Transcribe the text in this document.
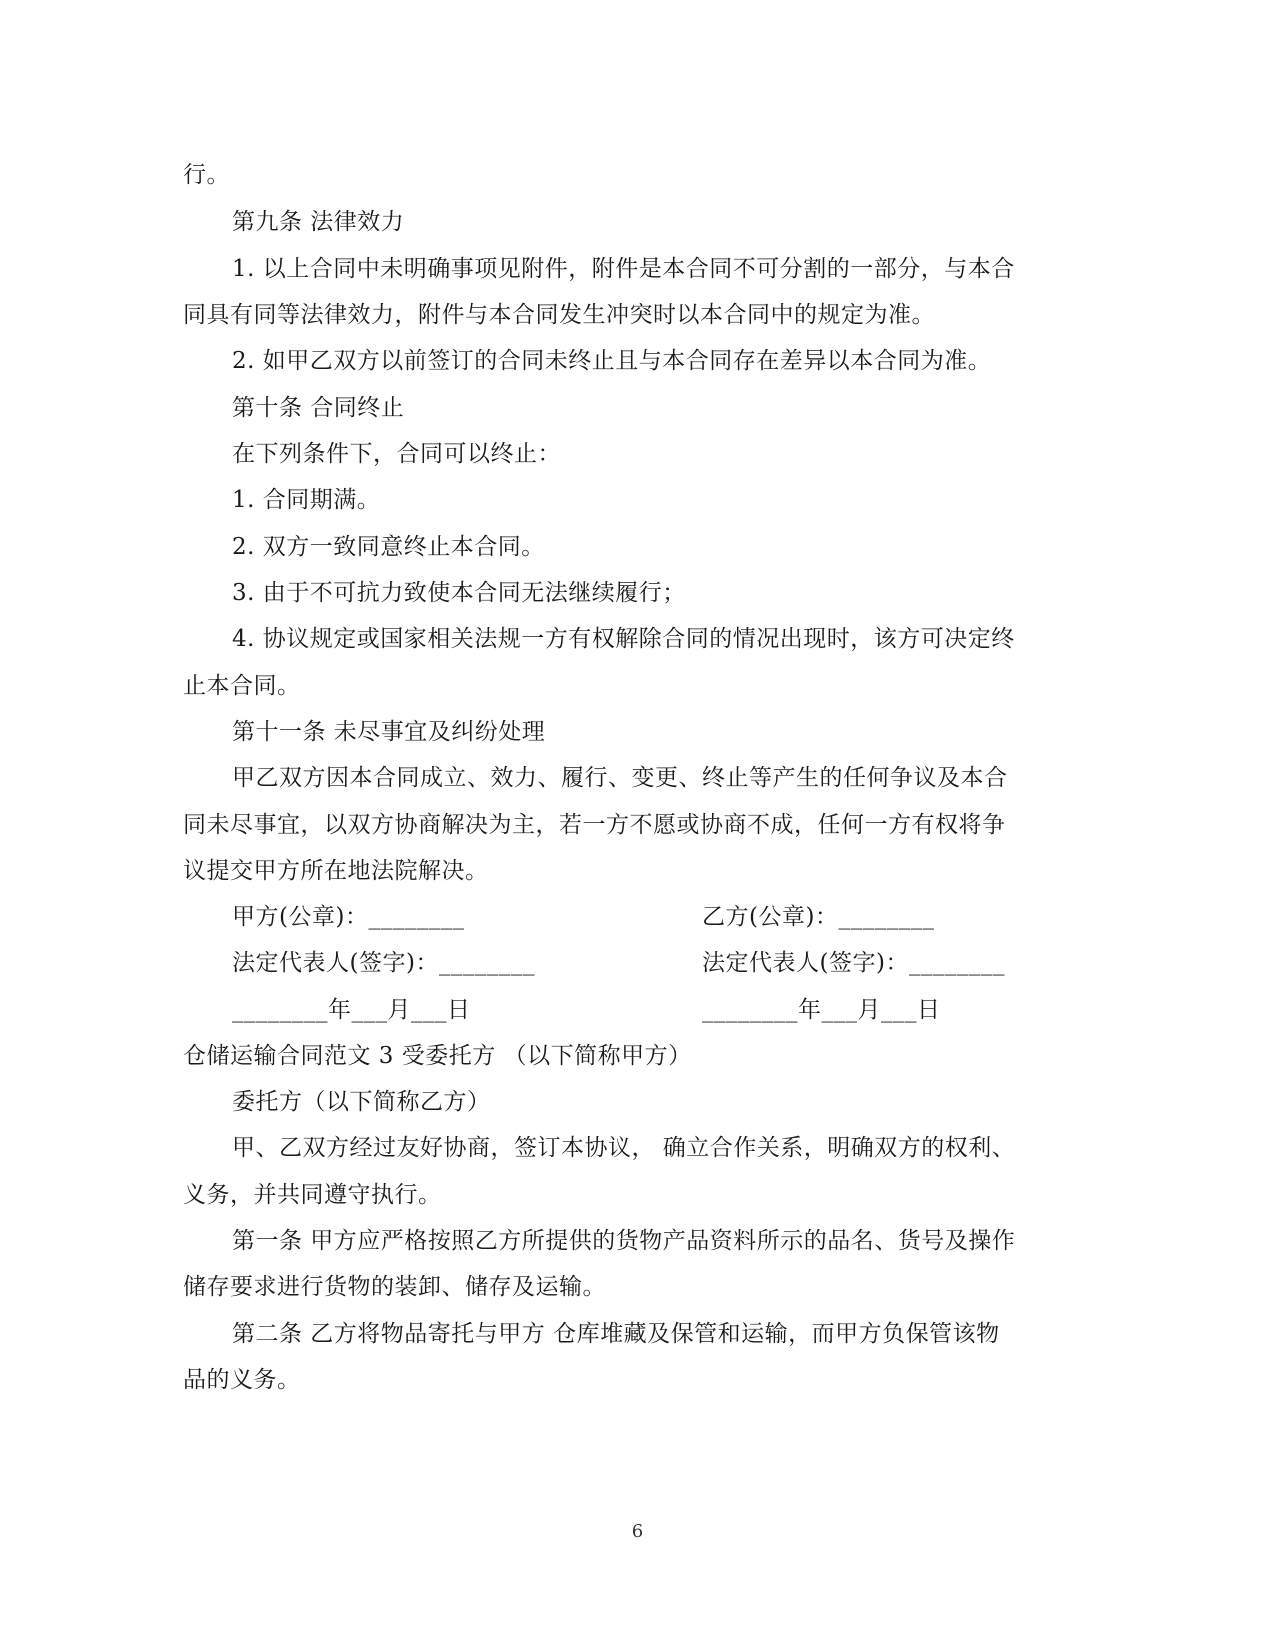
行。
第九条 法律效力
1. 以上合同中未明确事项见附件，附件是本合同不可分割的一部分，与本合
同具有同等法律效力，附件与本合同发生冲突时以本合同中的规定为准。
2. 如甲乙双方以前签订的合同未终止且与本合同存在差异以本合同为准。
第十条 合同终止
在下列条件下，合同可以终止：
1. 合同期满。
2. 双方一致同意终止本合同。
3. 由于不可抗力致使本合同无法继续履行；
4. 协议规定或国家相关法规一方有权解除合同的情况出现时，该方可决定终
止本合同。
第十一条 未尽事宜及纠纷处理
甲乙双方因本合同成立、效力、履行、变更、终止等产生的任何争议及本合
同未尽事宜，以双方协商解决为主，若一方不愿或协商不成，任何一方有权将争
议提交甲方所在地法院解决。
甲方(公章)：________	乙方(公章)：________
法定代表人(签字)：________	法定代表人(签字)：________
________年___月___日	________年___月___日
仓储运输合同范文 3 受委托方 （以下简称甲方）
委托方（以下简称乙方）
甲、乙双方经过友好协商，签订本协议， 确立合作关系，明确双方的权利、
义务，并共同遵守执行。
第一条 甲方应严格按照乙方所提供的货物产品资料所示的品名、货号及操作
储存要求进行货物的装卸、储存及运输。
第二条 乙方将物品寄托与甲方 仓库堆藏及保管和运输，而甲方负保管该物
品的义务。
6
